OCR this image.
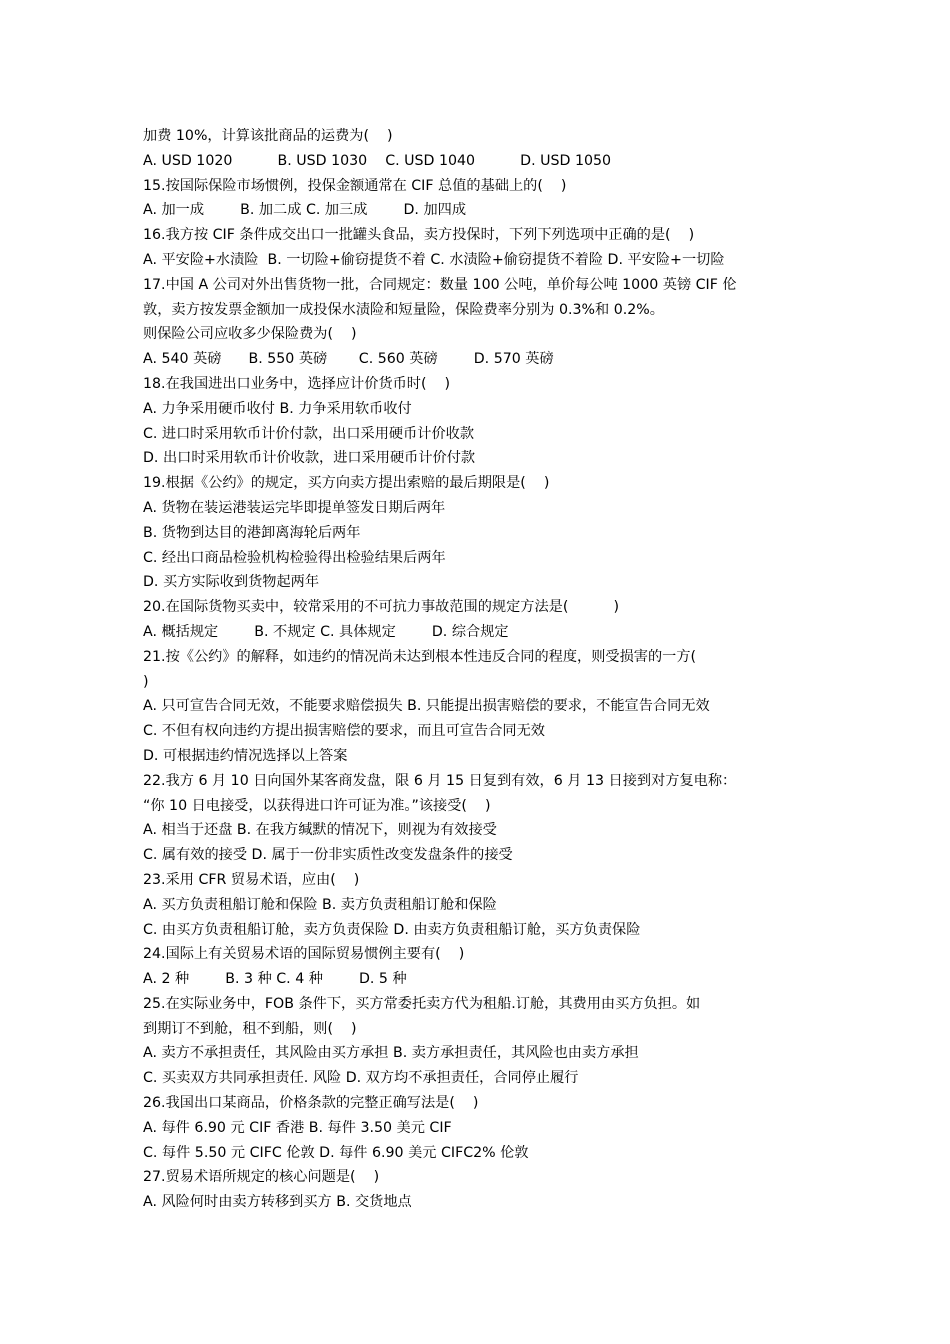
加费 10%，计算该批商品的运费为(    )
A. USD 1020          B. USD 1030    C. USD 1040          D. USD 1050
15.按国际保险市场惯例，投保金额通常在 CIF 总值的基础上的(    )
A. 加一成        B. 加二成 C. 加三成        D. 加四成
16.我方按 CIF 条件成交出口一批罐头食品，卖方投保时，下列下列选项中正确的是(    )
A. 平安险+水渍险  B. 一切险+偷窃提货不着 C. 水渍险+偷窃提货不着险 D. 平安险+一切险
17.中国 A 公司对外出售货物一批，合同规定：数量 100 公吨，单价每公吨 1000 英镑 CIF 伦
敦，卖方按发票金额加一成投保水渍险和短量险，保险费率分别为 0.3%和 0.2%。
则保险公司应收多少保险费为(    )
A. 540 英磅      B. 550 英磅       C. 560 英磅        D. 570 英磅
18.在我国进出口业务中，选择应计价货币时(    )
A. 力争采用硬币收付 B. 力争采用软币收付
C. 进口时采用软币计价付款，出口采用硬币计价收款
D. 出口时采用软币计价收款，进口采用硬币计价付款
19.根据《公约》的规定，买方向卖方提出索赔的最后期限是(    )
A. 货物在装运港装运完毕即提单签发日期后两年
B. 货物到达目的港卸离海轮后两年
C. 经出口商品检验机构检验得出检验结果后两年
D. 买方实际收到货物起两年
20.在国际货物买卖中，较常采用的不可抗力事故范围的规定方法是(          )
A. 概括规定        B. 不规定 C. 具体规定        D. 综合规定
21.按《公约》的解释，如违约的情况尚未达到根本性违反合同的程度，则受损害的一方(
)
A. 只可宣告合同无效，不能要求赔偿损失 B. 只能提出损害赔偿的要求，不能宣告合同无效
C. 不但有权向违约方提出损害赔偿的要求，而且可宣告合同无效
D. 可根据违约情况选择以上答案
22.我方 6 月 10 日向国外某客商发盘，限 6 月 15 日复到有效，6 月 13 日接到对方复电称：
“你 10 日电接受，以获得进口许可证为准。”该接受(    )
A. 相当于还盘 B. 在我方缄默的情况下，则视为有效接受
C. 属有效的接受 D. 属于一份非实质性改变发盘条件的接受
23.采用 CFR 贸易术语，应由(    )
A. 买方负责租船订舱和保险 B. 卖方负责租船订舱和保险
C. 由买方负责租船订舱，卖方负责保险 D. 由卖方负责租船订舱，买方负责保险
24.国际上有关贸易术语的国际贸易惯例主要有(    )
A. 2 种        B. 3 种 C. 4 种        D. 5 种
25.在实际业务中，FOB 条件下，买方常委托卖方代为租船.订舱，其费用由买方负担。如
到期订不到舱，租不到船，则(    )
A. 卖方不承担责任，其风险由买方承担 B. 卖方承担责任，其风险也由卖方承担
C. 买卖双方共同承担责任. 风险 D. 双方均不承担责任，合同停止履行
26.我国出口某商品，价格条款的完整正确写法是(    )
A. 每件 6.90 元 CIF 香港 B. 每件 3.50 美元 CIF
C. 每件 5.50 元 CIFC 伦敦 D. 每件 6.90 美元 CIFC2% 伦敦
27.贸易术语所规定的核心问题是(    )
A. 风险何时由卖方转移到买方 B. 交货地点
